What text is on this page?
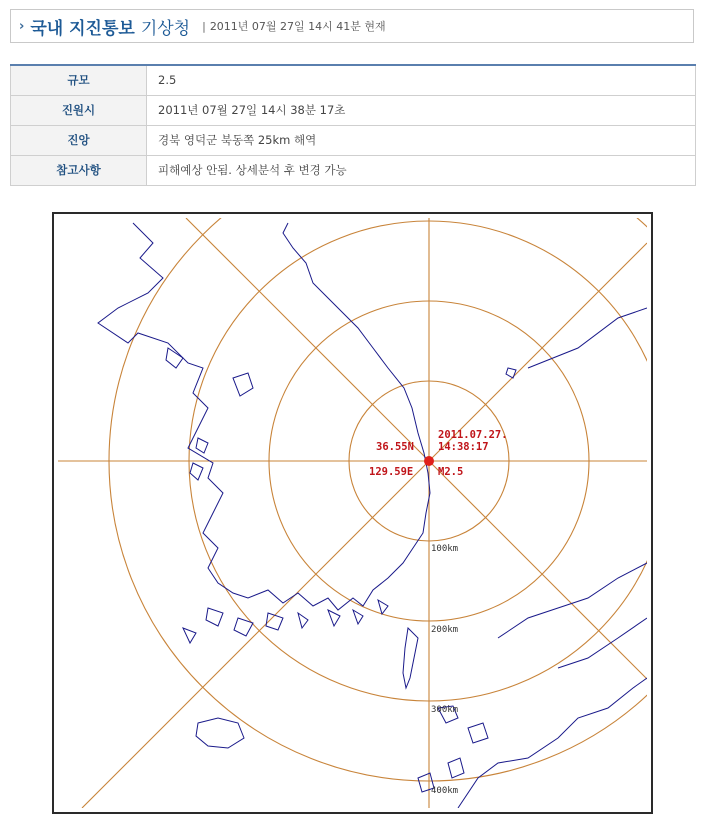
› 국내 지진통보 기상청 | 2011년 07월 27일 14시 41분 현재
규모	2.5
진원시	2011년 07월 27일 14시 38분 17초
진앙	경북 영덕군 북동쪽 25km 해역
참고사항	피해예상 안됨. 상세분석 후 변경 가능
36.55N
129.59E
2011.07.27.
14:38:17
M2.5
100km
200km
300km
400km
